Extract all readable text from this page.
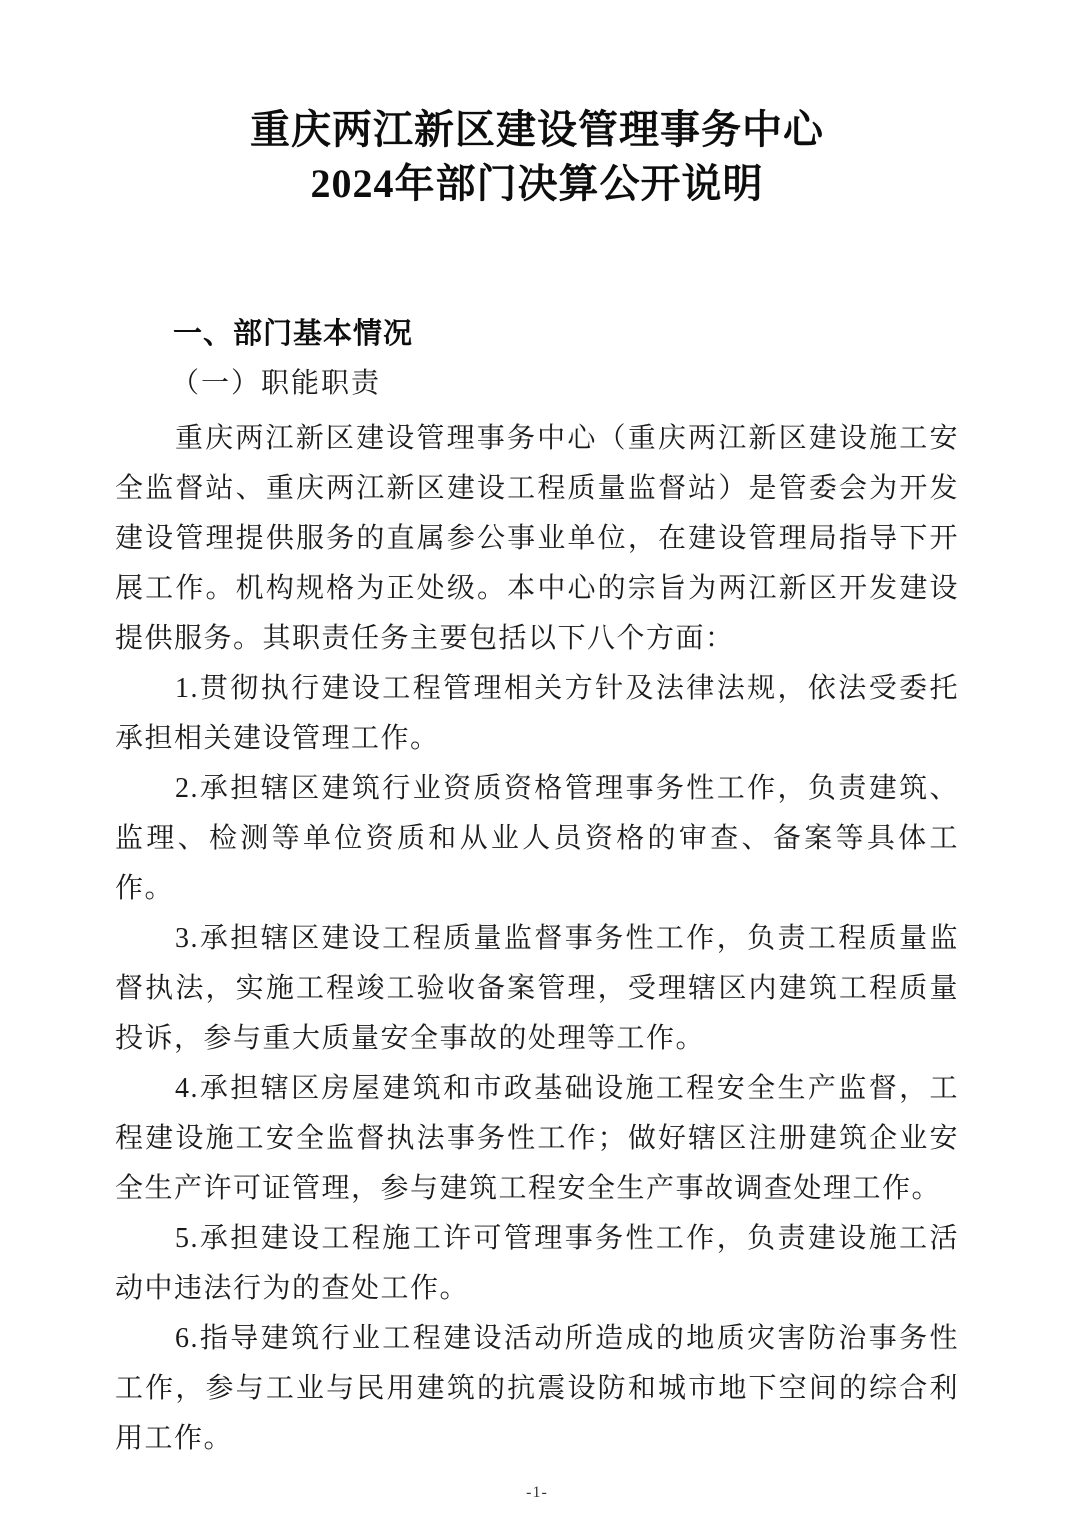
重庆两江新区建设管理事务中心
2024年部门决算公开说明
一、部门基本情况
（一）职能职责

重庆两江新区建设管理事务中心（重庆两江新区建设施工安全监督站、重庆两江新区建设工程质量监督站）是管委会为开发建设管理提供服务的直属参公事业单位，在建设管理局指导下开展工作。机构规格为正处级。本中心的宗旨为两江新区开发建设提供服务。其职责任务主要包括以下八个方面：

1.贯彻执行建设工程管理相关方针及法律法规，依法受委托承担相关建设管理工作。

2.承担辖区建筑行业资质资格管理事务性工作，负责建筑、监理、检测等单位资质和从业人员资格的审查、备案等具体工作。

3.承担辖区建设工程质量监督事务性工作，负责工程质量监督执法，实施工程竣工验收备案管理，受理辖区内建筑工程质量投诉，参与重大质量安全事故的处理等工作。

4.承担辖区房屋建筑和市政基础设施工程安全生产监督，工程建设施工安全监督执法事务性工作；做好辖区注册建筑企业安全生产许可证管理，参与建筑工程安全生产事故调查处理工作。

5.承担建设工程施工许可管理事务性工作，负责建设施工活动中违法行为的查处工作。

6.指导建筑行业工程建设活动所造成的地质灾害防治事务性工作，参与工业与民用建筑的抗震设防和城市地下空间的综合利用工作。

-1-
